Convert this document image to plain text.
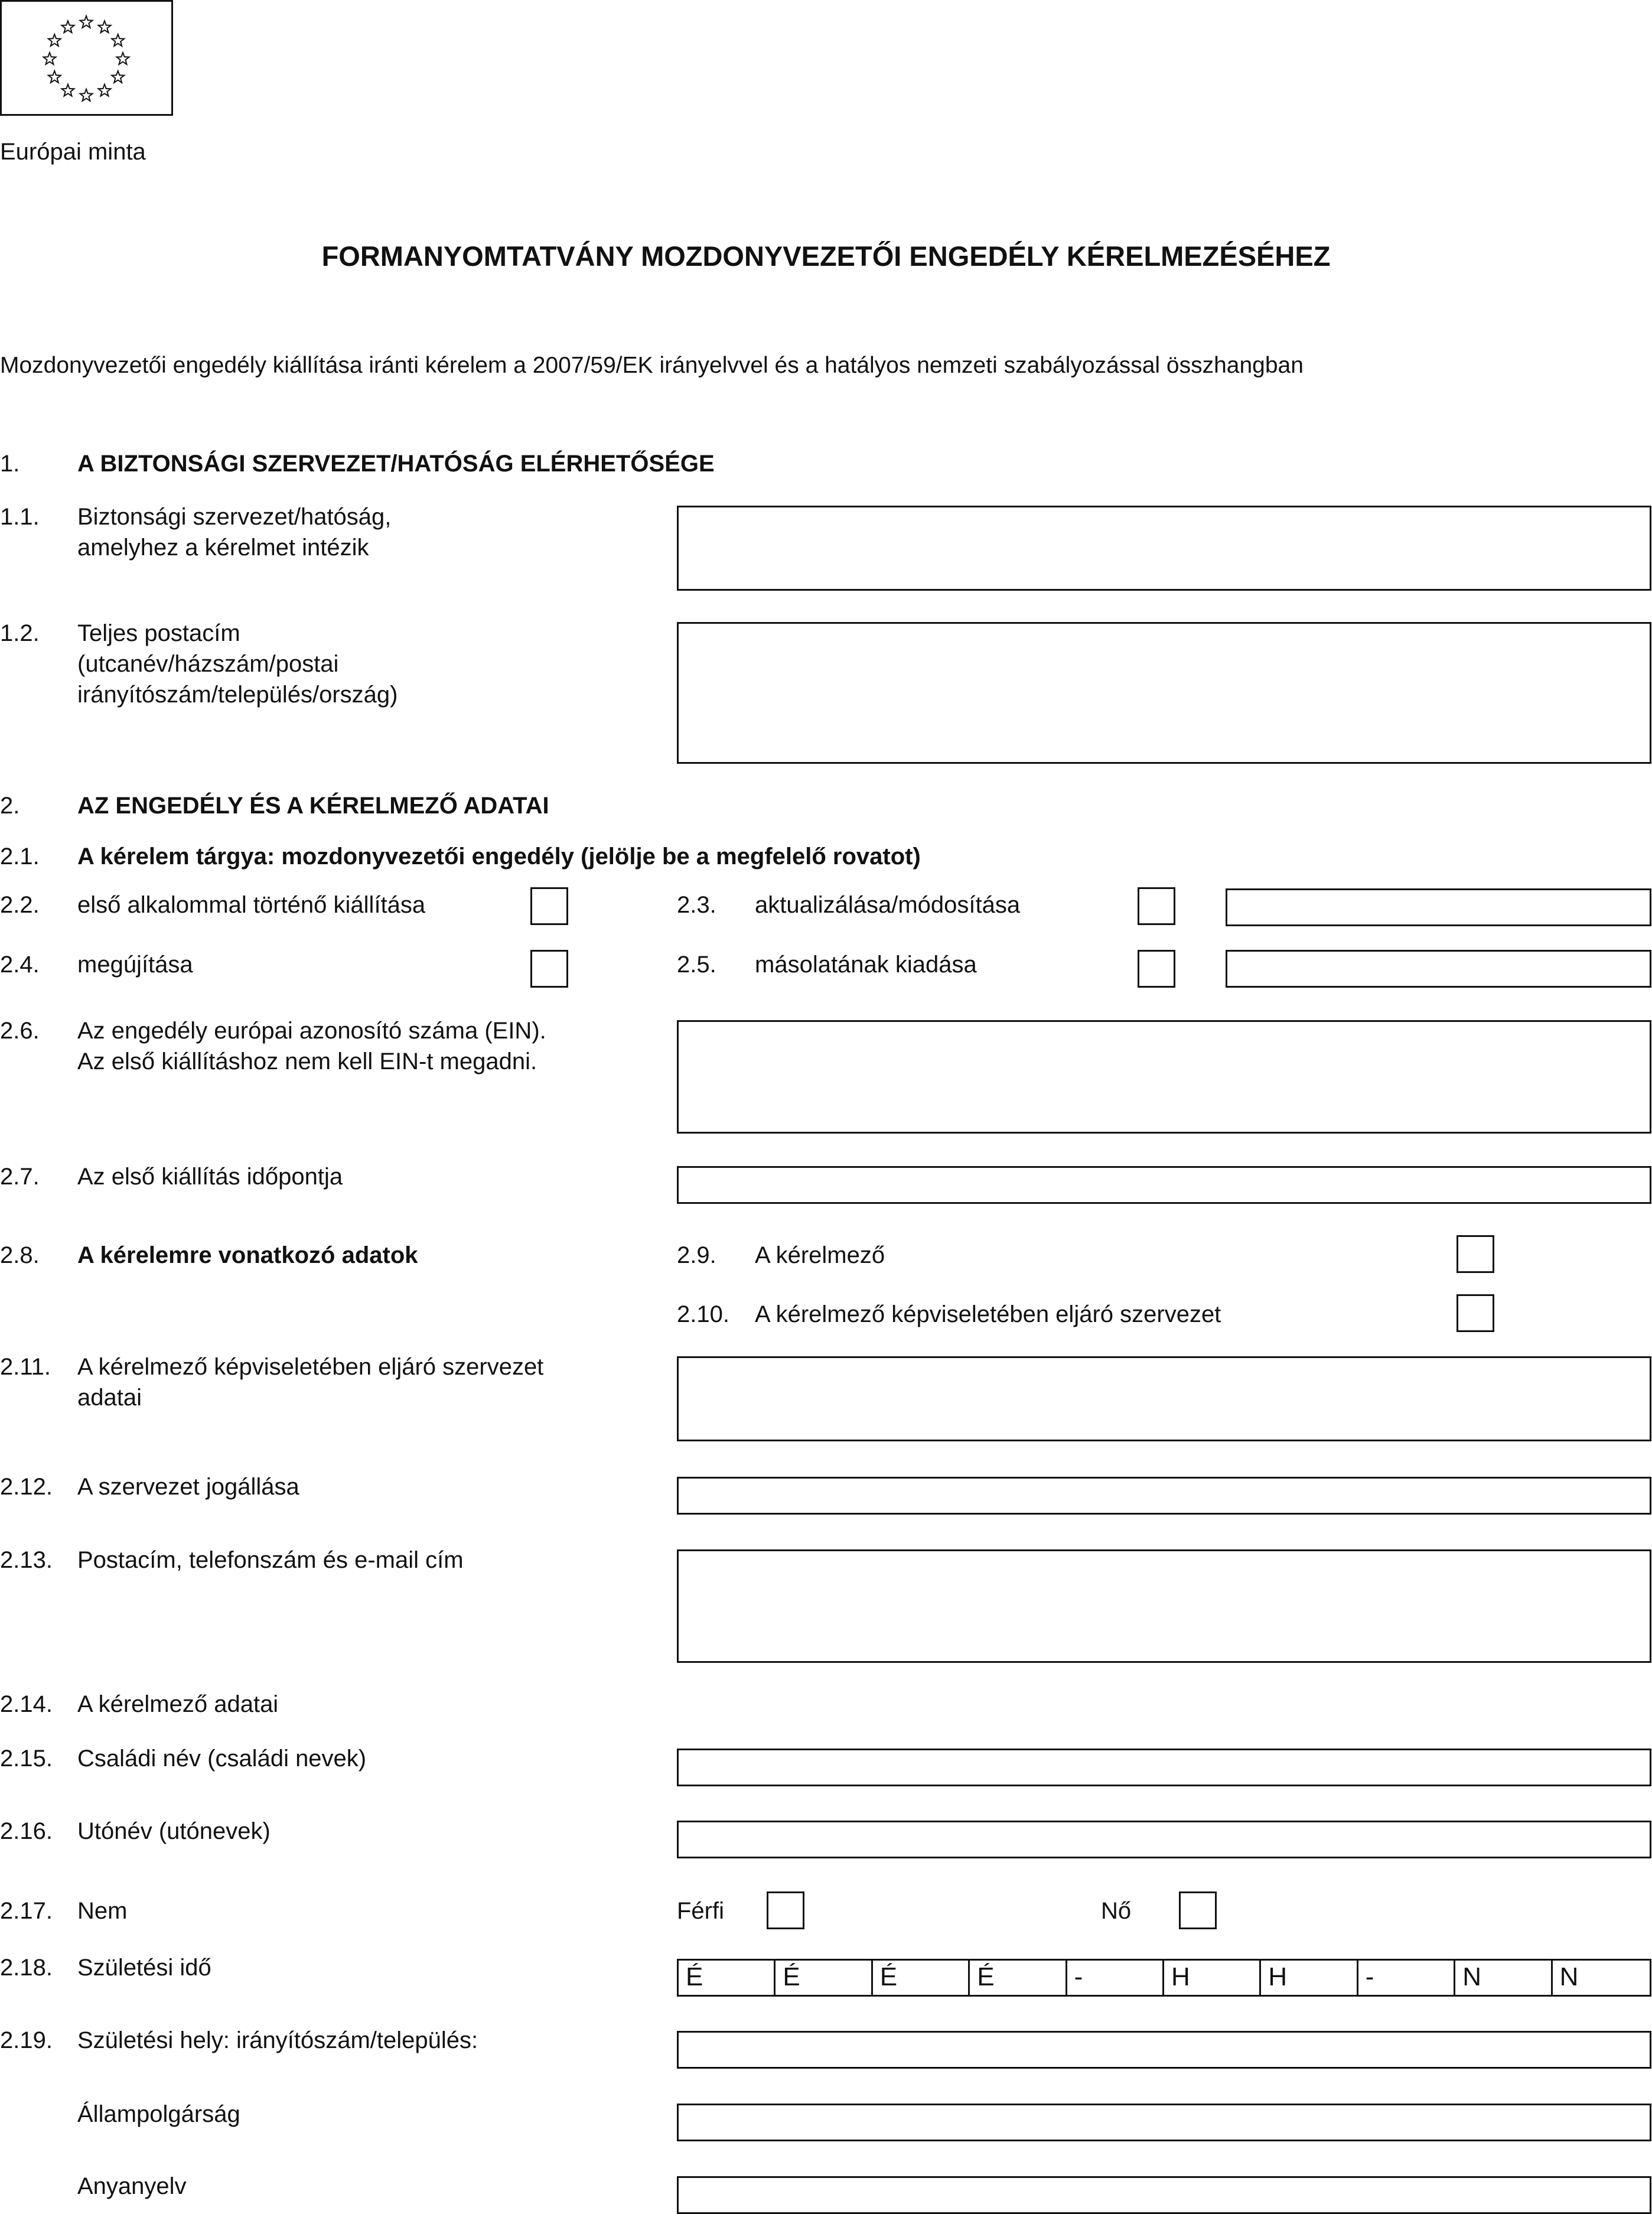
Európai minta
FORMANYOMTATVÁNY MOZDONYVEZETŐI ENGEDÉLY KÉRELMEZÉSÉHEZ
Mozdonyvezetői engedély kiállítása iránti kérelem a 2007/59/EK irányelvvel és a hatályos nemzeti szabályozással összhangban
1. A BIZTONSÁGI SZERVEZET/HATÓSÁG ELÉRHETŐSÉGE
1.1. Biztonsági szervezet/hatóság,
amelyhez a kérelmet intézik
1.2. Teljes postacím
(utcanév/házszám/postai
irányítószám/település/ország)
2. AZ ENGEDÉLY ÉS A KÉRELMEZŐ ADATAI
2.1. A kérelem tárgya: mozdonyvezetői engedély (jelölje be a megfelelő rovatot)
2.2. első alkalommal történő kiállítása	2.3. aktualizálása/módosítása
2.4. megújítása	2.5. másolatának kiadása
2.6. Az engedély európai azonosító száma (EIN).
Az első kiállításhoz nem kell EIN-t megadni.
2.7. Az első kiállítás időpontja
2.8. A kérelemre vonatkozó adatok	2.9. A kérelmező
2.10. A kérelmező képviseletében eljáró szervezet
2.11. A kérelmező képviseletében eljáró szervezet
adatai
2.12. A szervezet jogállása
2.13. Postacím, telefonszám és e-mail cím
2.14. A kérelmező adatai
2.15. Családi név (családi nevek)
2.16. Utónév (utónevek)
2.17. Nem	Férfi	Nő
2.18. Születési idő	É	É	É	É	-	H	H	-	N	N
2.19. Születési hely: irányítószám/település:
Állampolgárság
Anyanyelv
